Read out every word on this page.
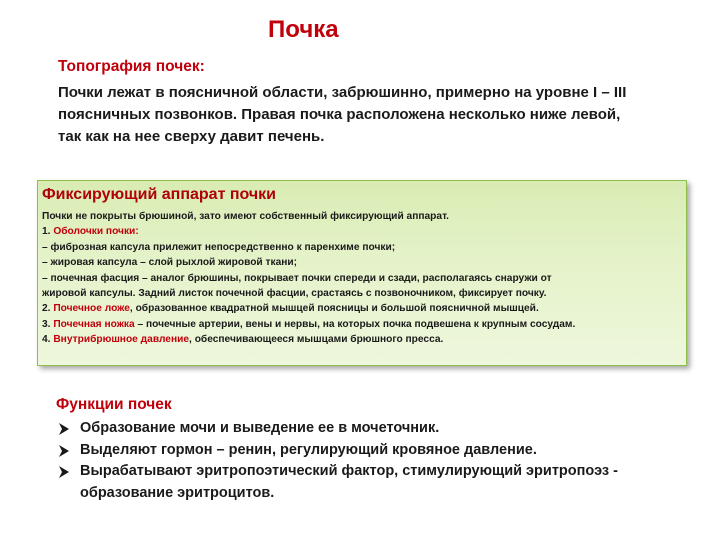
Почка
Топография почек:
Почки лежат в поясничной области, забрюшинно, примерно на уровне I – III
поясничных позвонков. Правая почка расположена несколько ниже левой,
так как на нее сверху давит печень.
Фиксирующий аппарат почки
Почки не покрыты брюшиной, зато имеют собственный фиксирующий аппарат.
1. Оболочки почки:
– фиброзная капсула прилежит непосредственно к паренхиме почки;
– жировая капсула – слой рыхлой жировой ткани;
– почечная фасция – аналог брюшины, покрывает почки спереди и сзади, располагаясь снаружи от
жировой капсулы. Задний листок почечной фасции, срастаясь с позвоночником, фиксирует почку.
2. Почечное ложе, образованное квадратной мышцей поясницы и большой поясничной мышцей.
3. Почечная ножка – почечные артерии, вены и нервы, на которых почка подвешена к крупным сосудам.
4. Внутрибрюшное давление, обеспечивающееся мышцами брюшного пресса.
Функции почек
Образование мочи и выведение ее в мочеточник.
Выделяют гормон – ренин, регулирующий кровяное давление.
Вырабатывают эритропоэтический фактор, стимулирующий эритропоэз -
образование эритроцитов.
